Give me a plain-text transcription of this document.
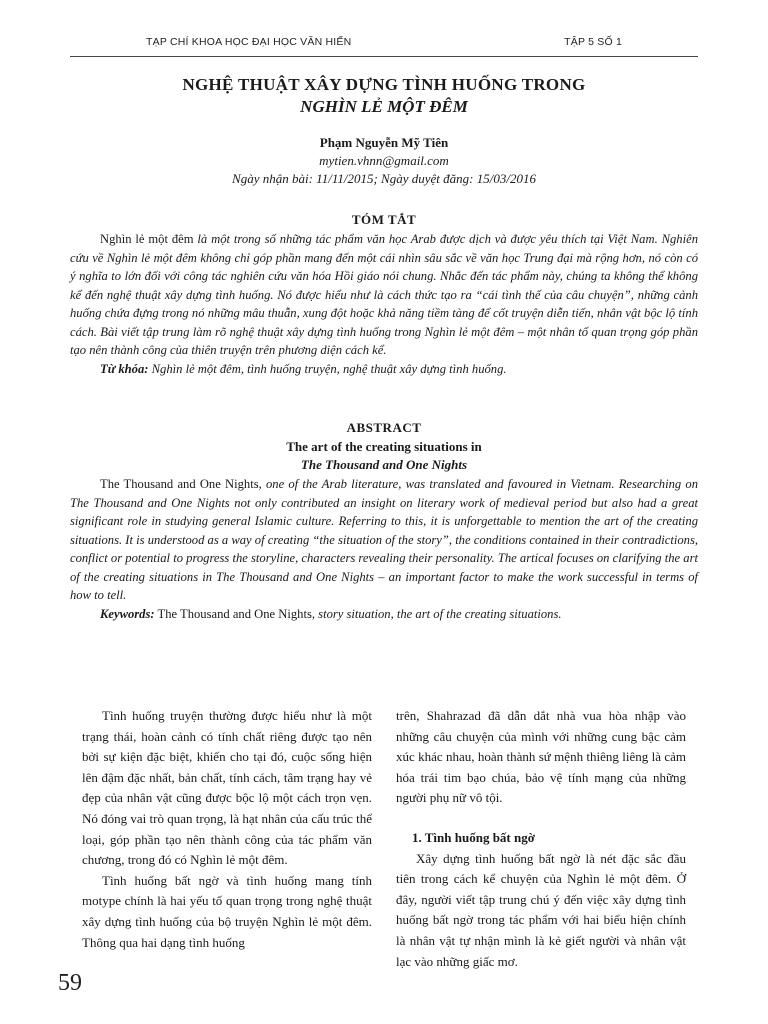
TẠP CHÍ KHOA HỌC ĐẠI HỌC VĂN HIẾN	TẬP 5 SỐ 1
NGHỆ THUẬT XÂY DỰNG TÌNH HUỐNG TRONG
NGHÌN LẺ MỘT ĐÊM
Phạm Nguyễn Mỹ Tiên
mytien.vhnn@gmail.com
Ngày nhận bài: 11/11/2015; Ngày duyệt đăng: 15/03/2016
TÓM TẮT

Nghìn lẻ một đêm là một trong số những tác phẩm văn học Arab được dịch và được yêu thích tại Việt Nam. Nghiên cứu về Nghìn lẻ một đêm không chỉ góp phần mang đến một cái nhìn sâu sắc về văn học Trung đại mà rộng hơn, nó còn có ý nghĩa to lớn đối với công tác nghiên cứu văn hóa Hồi giáo nói chung. Nhắc đến tác phẩm này, chúng ta không thể không kể đến nghệ thuật xây dựng tình huống. Nó được hiểu như là cách thức tạo ra “cái tình thế của câu chuyện”, những cảnh huống chứa đựng trong nó những mâu thuẫn, xung đột hoặc khả năng tiềm tàng để cốt truyện diễn tiến, nhân vật bộc lộ tính cách. Bài viết tập trung làm rõ nghệ thuật xây dựng tình huống trong Nghìn lẻ một đêm – một nhân tố quan trọng góp phần tạo nên thành công của thiên truyện trên phương diện cách kể.

Từ khóa: Nghìn lẻ một đêm, tình huống truyện, nghệ thuật xây dựng tình huống.

ABSTRACT
The art of the creating situations in
The Thousand and One Nights

The Thousand and One Nights, one of the Arab literature, was translated and favoured in Vietnam. Researching on The Thousand and One Nights not only contributed an insight on literary work of medieval period but also had a great significant role in studying general Islamic culture. Referring to this, it is unforgettable to mention the art of the creating situations. It is understood as a way of creating “the situation of the story”, the conditions contained in their contradictions, conflict or potential to progress the storyline, characters revealing their personality. The artical focuses on clarifying the art of the creating situations in The Thousand and One Nights – an important factor to make the work successful in terms of how to tell.

Keywords: The Thousand and One Nights, story situation, the art of the creating situations.

Tình huống truyện thường được hiểu như là một trạng thái, hoàn cảnh có tính chất riêng được tạo nên bởi sự kiện đặc biệt, khiến cho tại đó, cuộc sống hiện lên đậm đặc nhất, bản chất, tính cách, tâm trạng hay vẻ đẹp của nhân vật cũng được bộc lộ một cách trọn vẹn. Nó đóng vai trò quan trọng, là hạt nhân của cấu trúc thể loại, góp phần tạo nên thành công của tác phẩm văn chương, trong đó có Nghìn lẻ một đêm.

Tình huống bất ngờ và tình huống mang tính motype chính là hai yếu tố quan trọng trong nghệ thuật xây dựng tình huống của bộ truyện Nghìn lẻ một đêm. Thông qua hai dạng tình huống

trên, Shahrazad đã dẫn dắt nhà vua hòa nhập vào những câu chuyện của mình với những cung bậc cảm xúc khác nhau, hoàn thành sứ mệnh thiêng liêng là cảm hóa trái tim bạo chúa, bảo vệ tính mạng của những người phụ nữ vô tội.

1. Tình huống bất ngờ

Xây dựng tình huống bất ngờ là nét đặc sắc đầu tiên trong cách kể chuyện của Nghìn lẻ một đêm. Ở đây, người viết tập trung chú ý đến việc xây dựng tình huống bất ngờ trong tác phẩm với hai biểu hiện chính là nhân vật tự nhận mình là kẻ giết người và nhân vật lạc vào những giấc mơ.

59
